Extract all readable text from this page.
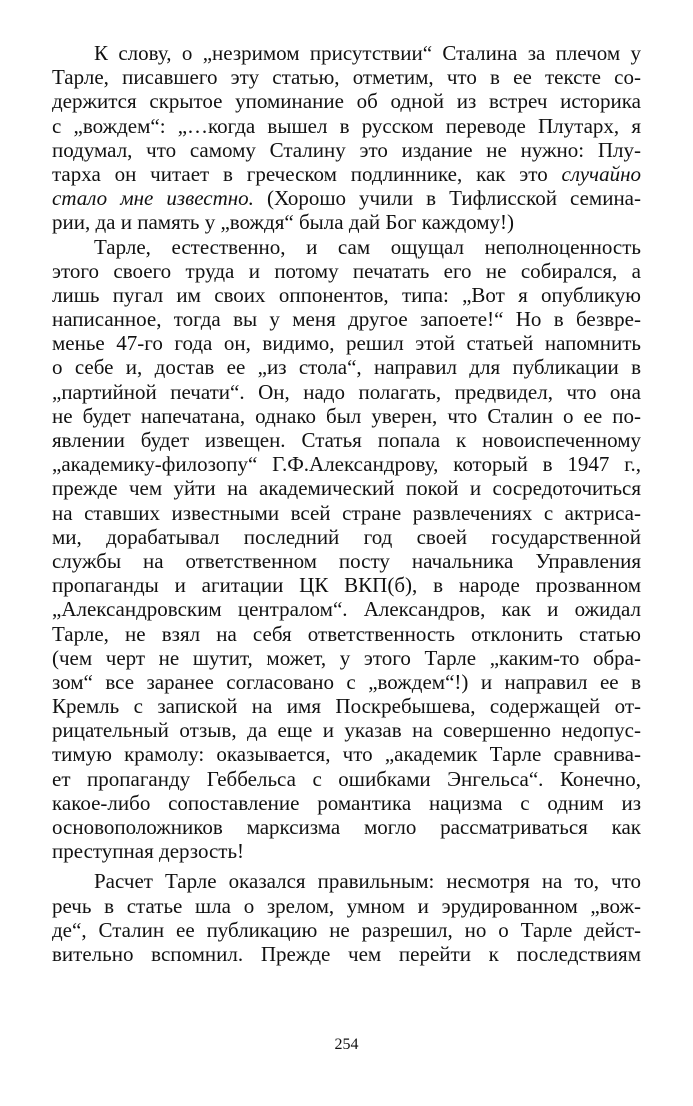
К слову, о „незримом присутствии“ Сталина за плечом у
Тарле, писавшего эту статью, отметим, что в ее тексте со-
держится скрытое упоминание об одной из встреч историка
с „вождем“: „…когда вышел в русском переводе Плутарх, я
подумал, что самому Сталину это издание не нужно: Плу-
тарха он читает в греческом подлиннике, как это случайно
стало мне известно. (Хорошо учили в Тифлисской семина-
рии, да и память у „вождя“ была дай Бог каждому!)
Тарле, естественно, и сам ощущал неполноценность
этого своего труда и потому печатать его не собирался, а
лишь пугал им своих оппонентов, типа: „Вот я опубликую
написанное, тогда вы у меня другое запоете!“ Но в безвре-
менье 47-го года он, видимо, решил этой статьей напомнить
о себе и, достав ее „из стола“, направил для публикации в
„партийной печати“. Он, надо полагать, предвидел, что она
не будет напечатана, однако был уверен, что Сталин о ее по-
явлении будет извещен. Статья попала к новоиспеченному
„академику-филозопу“ Г.Ф.Александрову, который в 1947 г.,
прежде чем уйти на академический покой и сосредоточиться
на ставших известными всей стране развлечениях с актриса-
ми, дорабатывал последний год своей государственной
службы на ответственном посту начальника Управления
пропаганды и агитации ЦК ВКП(б), в народе прозванном
„Александровским централом“. Александров, как и ожидал
Тарле, не взял на себя ответственность отклонить статью
(чем черт не шутит, может, у этого Тарле „каким-то обра-
зом“ все заранее согласовано с „вождем“!) и направил ее в
Кремль с запиской на имя Поскребышева, содержащей от-
рицательный отзыв, да еще и указав на совершенно недопус-
тимую крамолу: оказывается, что „академик Тарле сравнива-
ет пропаганду Геббельса с ошибками Энгельса“. Конечно,
какое-либо сопоставление романтика нацизма с одним из
основоположников марксизма могло рассматриваться как
преступная дерзость!
Расчет Тарле оказался правильным: несмотря на то, что
речь в статье шла о зрелом, умном и эрудированном „вож-
де“, Сталин ее публикацию не разрешил, но о Тарле дейст-
вительно вспомнил. Прежде чем перейти к последствиям
254
